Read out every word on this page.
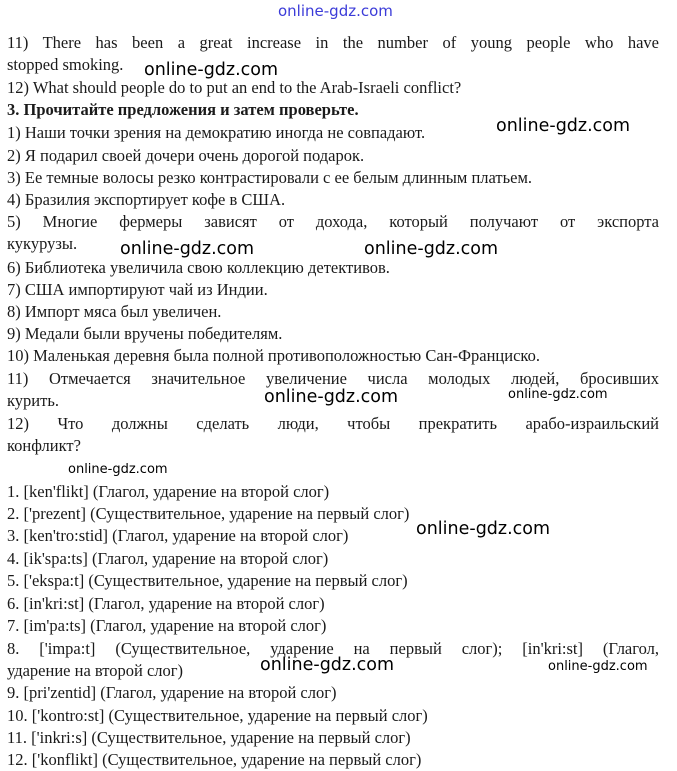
online-gdz.com
11) There has been a great increase in the number of young people who have
stopped smoking.
12) What should people do to put an end to the Arab-Israeli conflict?
3. Прочитайте предложения и затем проверьте.
1) Наши точки зрения на демократию иногда не совпадают.
2) Я подарил своей дочери очень дорогой подарок.
3) Ее темные волосы резко контрастировали с ее белым длинным платьем.
4) Бразилия экспортирует кофе в США.
5) Многие фермеры зависят от дохода, который получают от экспорта
кукурузы.
6) Библиотека увеличила свою коллекцию детективов.
7) США импортируют чай из Индии.
8) Импорт мяса был увеличен.
9) Медали были вручены победителям.
10) Маленькая деревня была полной противоположностью Сан-Франциско.
11) Отмечается значительное увеличение числа молодых людей, бросивших
курить.
12) Что должны сделать люди, чтобы прекратить арабо-израильский
конфликт?
1. [ken'flikt] (Глагол, ударение на второй слог)
2. ['prezent] (Существительное, ударение на первый слог)
3. [ken'tro:stid] (Глагол, ударение на второй слог)
4. [ik'spa:ts] (Глагол, ударение на второй слог)
5. ['ekspa:t] (Существительное, ударение на первый слог)
6. [in'kri:st] (Глагол, ударение на второй слог)
7. [im'pa:ts] (Глагол, ударение на второй слог)
8. ['impa:t] (Существительное, ударение на первый слог); [in'kri:st] (Глагол,
ударение на второй слог)
9. [pri'zentid] (Глагол, ударение на второй слог)
10. ['kontro:st] (Существительное, ударение на первый слог)
11. ['inkri:s] (Существительное, ударение на первый слог)
12. ['konflikt] (Существительное, ударение на первый слог)
online-gdz.com
online-gdz.com
online-gdz.com	online-gdz.com
online-gdz.com	online-gdz.com
online-gdz.com
online-gdz.com
online-gdz.com	online-gdz.com
